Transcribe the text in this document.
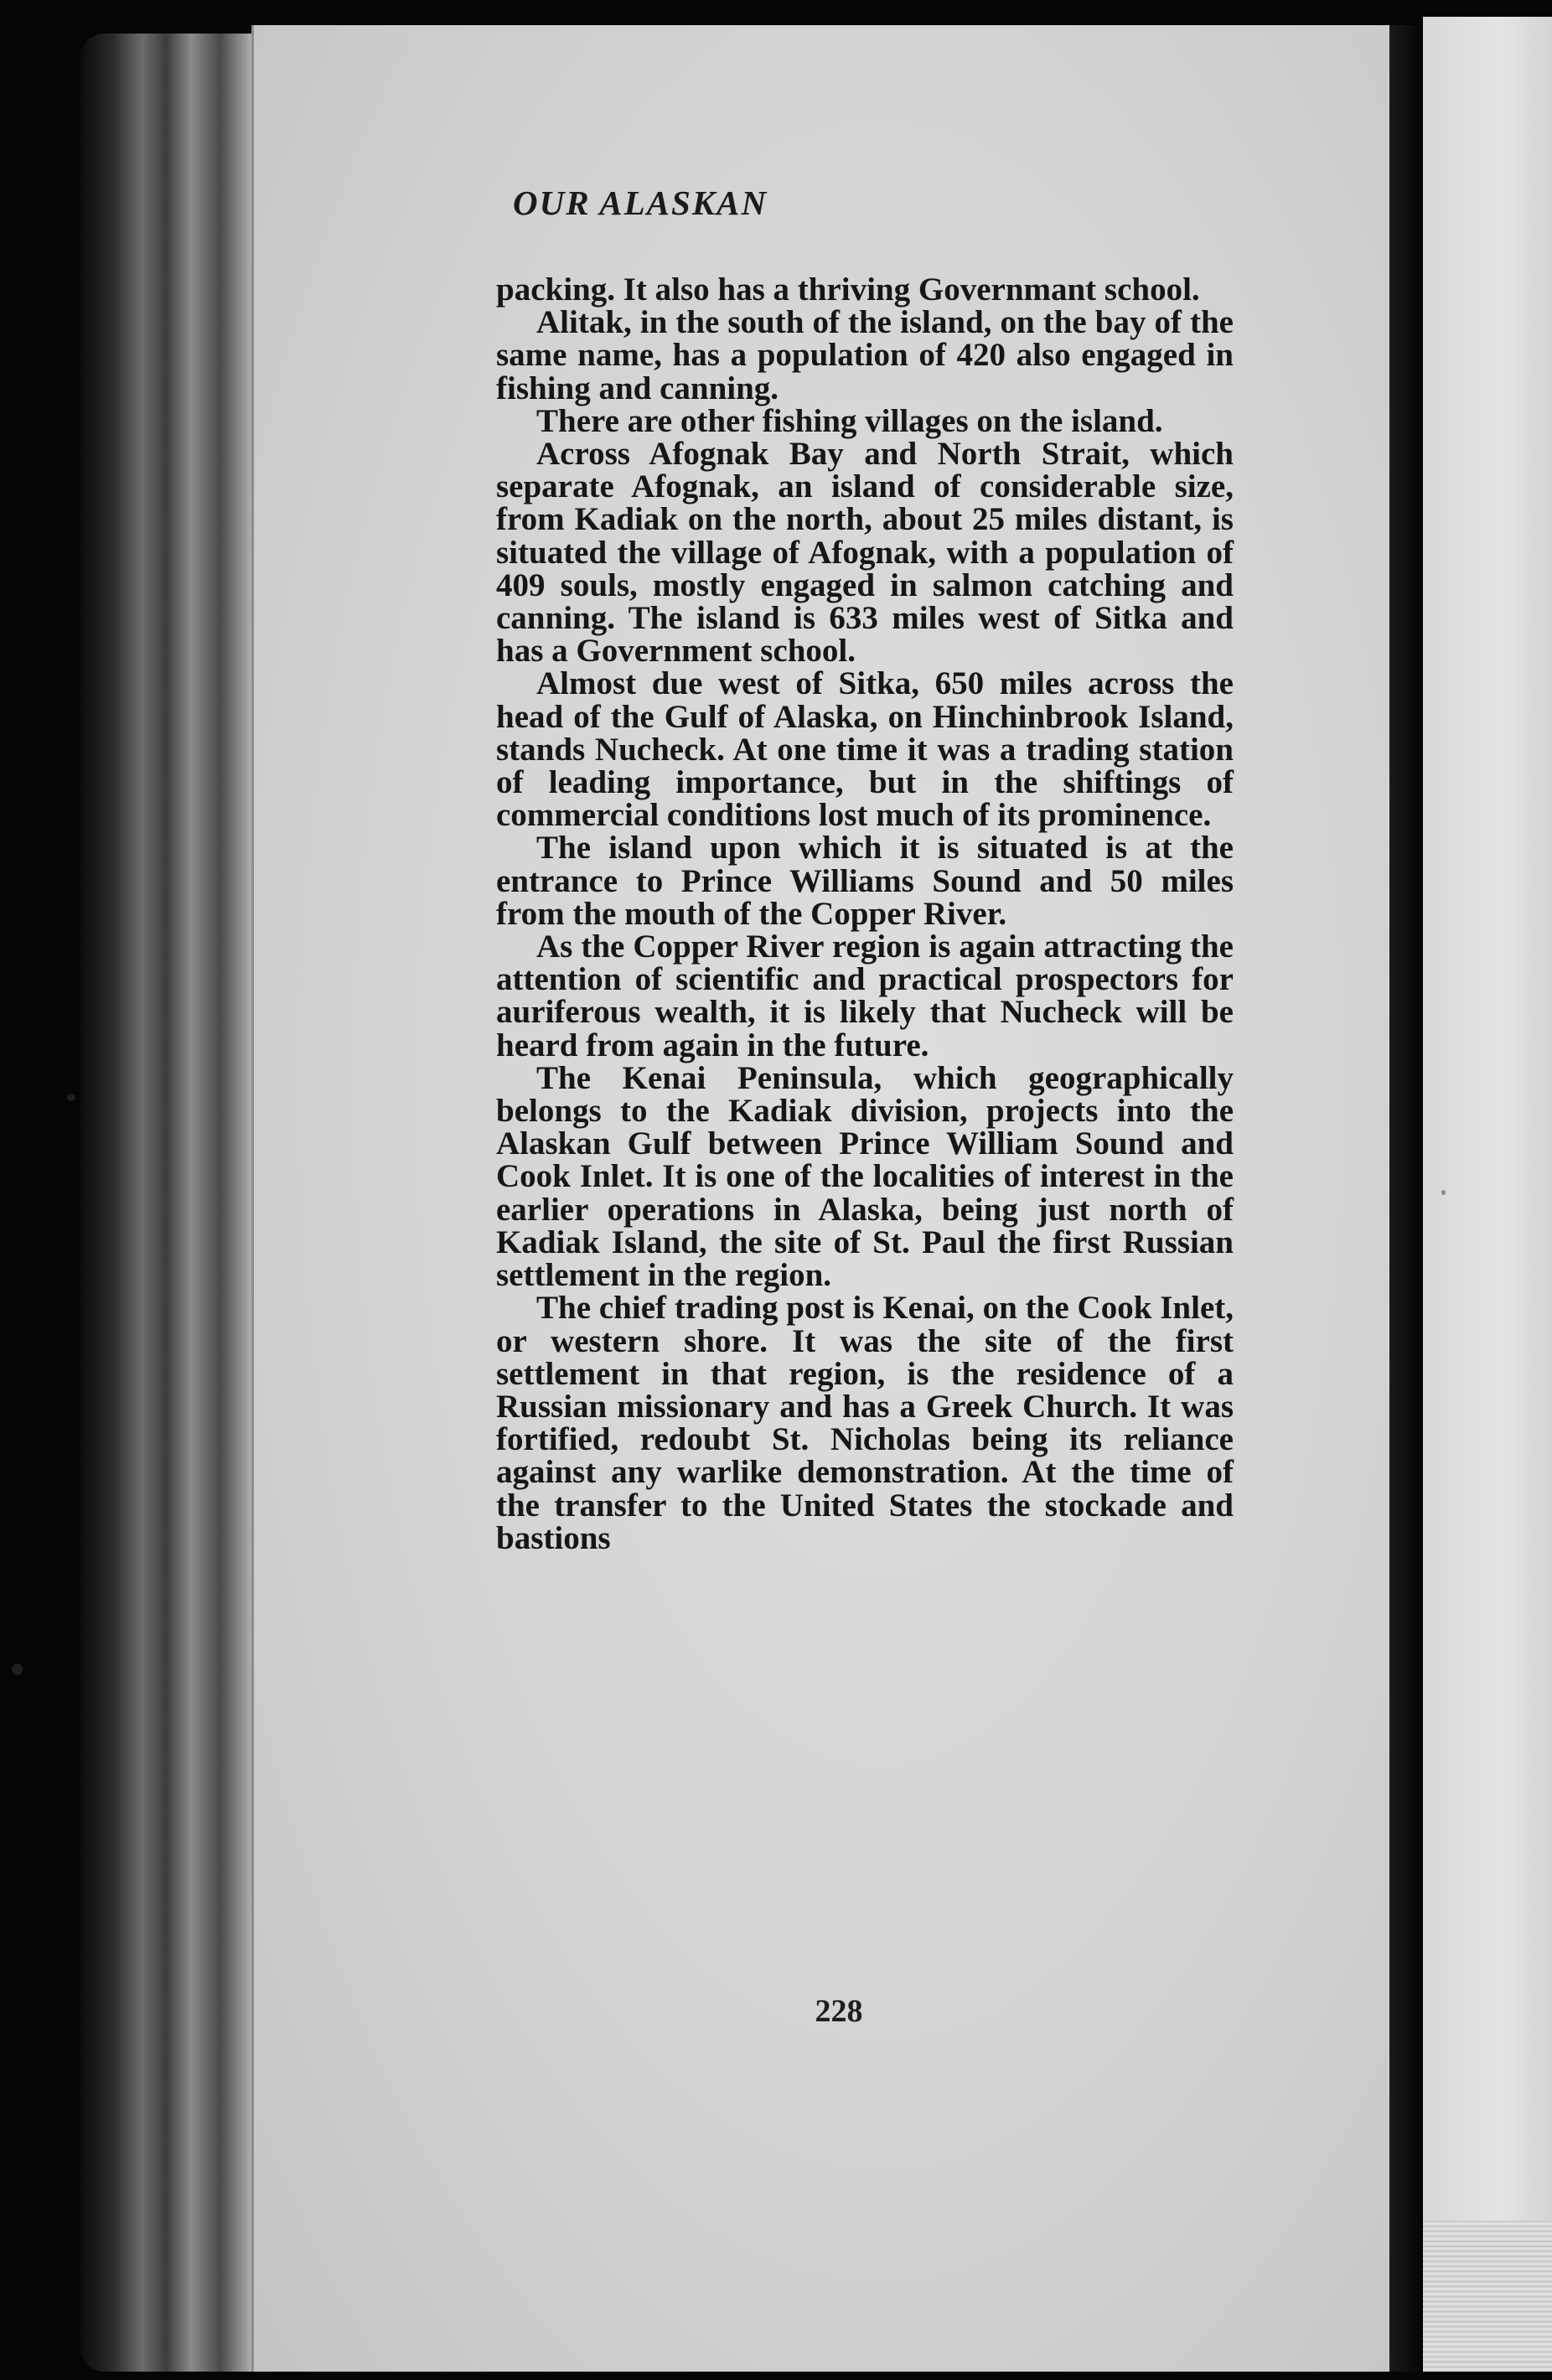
OUR ALASKAN

packing. It also has a thriving Governmant school.

Alitak, in the south of the island, on the bay of the same name, has a population of 420 also engaged in fishing and canning.

There are other fishing villages on the island.

Across Afognak Bay and North Strait, which separate Afognak, an island of considerable size, from Kadiak on the north, about 25 miles distant, is situated the village of Afognak, with a population of 409 souls, mostly engaged in salmon catching and canning. The island is 633 miles west of Sitka and has a Government school.

Almost due west of Sitka, 650 miles across the head of the Gulf of Alaska, on Hinchinbrook Island, stands Nucheck. At one time it was a trading station of leading importance, but in the shiftings of commercial conditions lost much of its prominence.

The island upon which it is situated is at the entrance to Prince Williams Sound and 50 miles from the mouth of the Copper River.

As the Copper River region is again attracting the attention of scientific and practical prospectors for auriferous wealth, it is likely that Nucheck will be heard from again in the future.

The Kenai Peninsula, which geographically belongs to the Kadiak division, projects into the Alaskan Gulf between Prince William Sound and Cook Inlet. It is one of the localities of interest in the earlier operations in Alaska, being just north of Kadiak Island, the site of St. Paul the first Russian settlement in the region.

The chief trading post is Kenai, on the Cook Inlet, or western shore. It was the site of the first settlement in that region, is the residence of a Russian missionary and has a Greek Church. It was fortified, redoubt St. Nicholas being its reliance against any warlike demonstration. At the time of the transfer to the United States the stockade and bastions

228
